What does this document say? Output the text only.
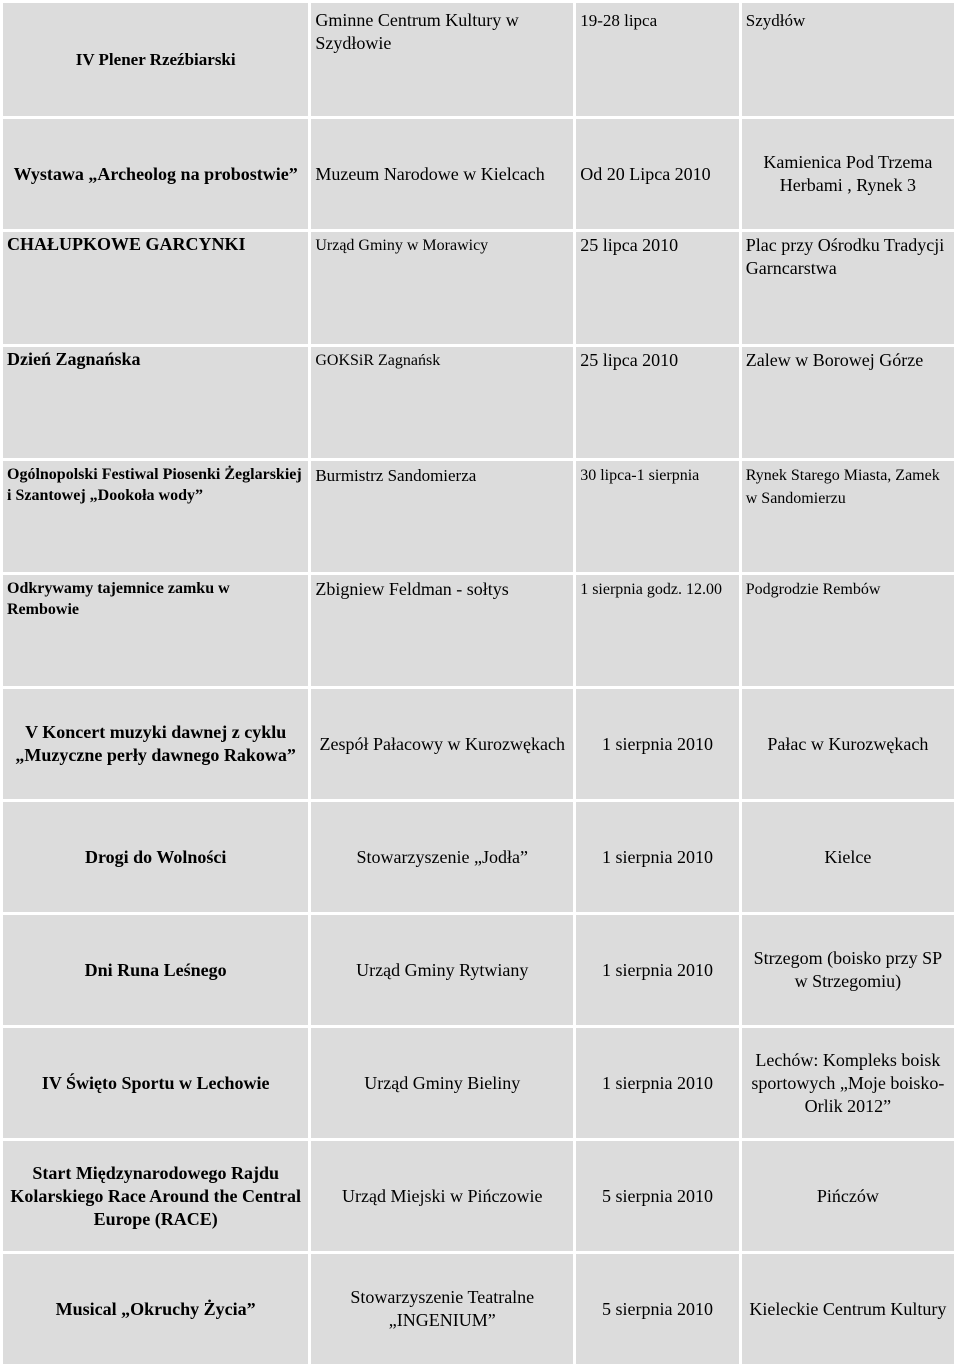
IV Plener Rzeźbiarski	Gminne Centrum Kultury w Szydłowie	19-28 lipca	Szydłów
Wystawa „Archeolog na probostwie”	Muzeum Narodowe w Kielcach	Od 20 Lipca 2010	Kamienica Pod Trzema Herbami , Rynek 3
CHAŁUPKOWE GARCYNKI	Urząd Gminy w Morawicy	25 lipca 2010	Plac przy Ośrodku Tradycji Garncarstwa
Dzień Zagnańska	GOKSiR Zagnańsk	25 lipca 2010	Zalew w Borowej Górze
Ogólnopolski Festiwal Piosenki Żeglarskiej i Szantowej „Dookoła wody”	Burmistrz Sandomierza	30 lipca-1 sierpnia	Rynek Starego Miasta, Zamek w Sandomierzu
Odkrywamy tajemnice zamku w Rembowie	Zbigniew Feldman - sołtys	1 sierpnia godz. 12.00	Podgrodzie Rembów
V Koncert muzyki dawnej z cyklu „Muzyczne perły dawnego Rakowa”	Zespół Pałacowy w Kurozwękach	1 sierpnia 2010	Pałac w Kurozwękach
Drogi do Wolności	Stowarzyszenie „Jodła”	1 sierpnia 2010	Kielce
Dni Runa Leśnego	Urząd Gminy Rytwiany	1 sierpnia 2010	Strzegom (boisko przy SP w Strzegomiu)
IV Święto Sportu w Lechowie	Urząd Gminy Bieliny	1 sierpnia 2010	Lechów: Kompleks boisk sportowych „Moje boisko- Orlik 2012”
Start Międzynarodowego Rajdu Kolarskiego Race Around the Central Europe (RACE)	Urząd Miejski w Pińczowie	5 sierpnia 2010	Pińczów
Musical „Okruchy Życia”	Stowarzyszenie Teatralne „INGENIUM”	5 sierpnia 2010	Kieleckie Centrum Kultury
